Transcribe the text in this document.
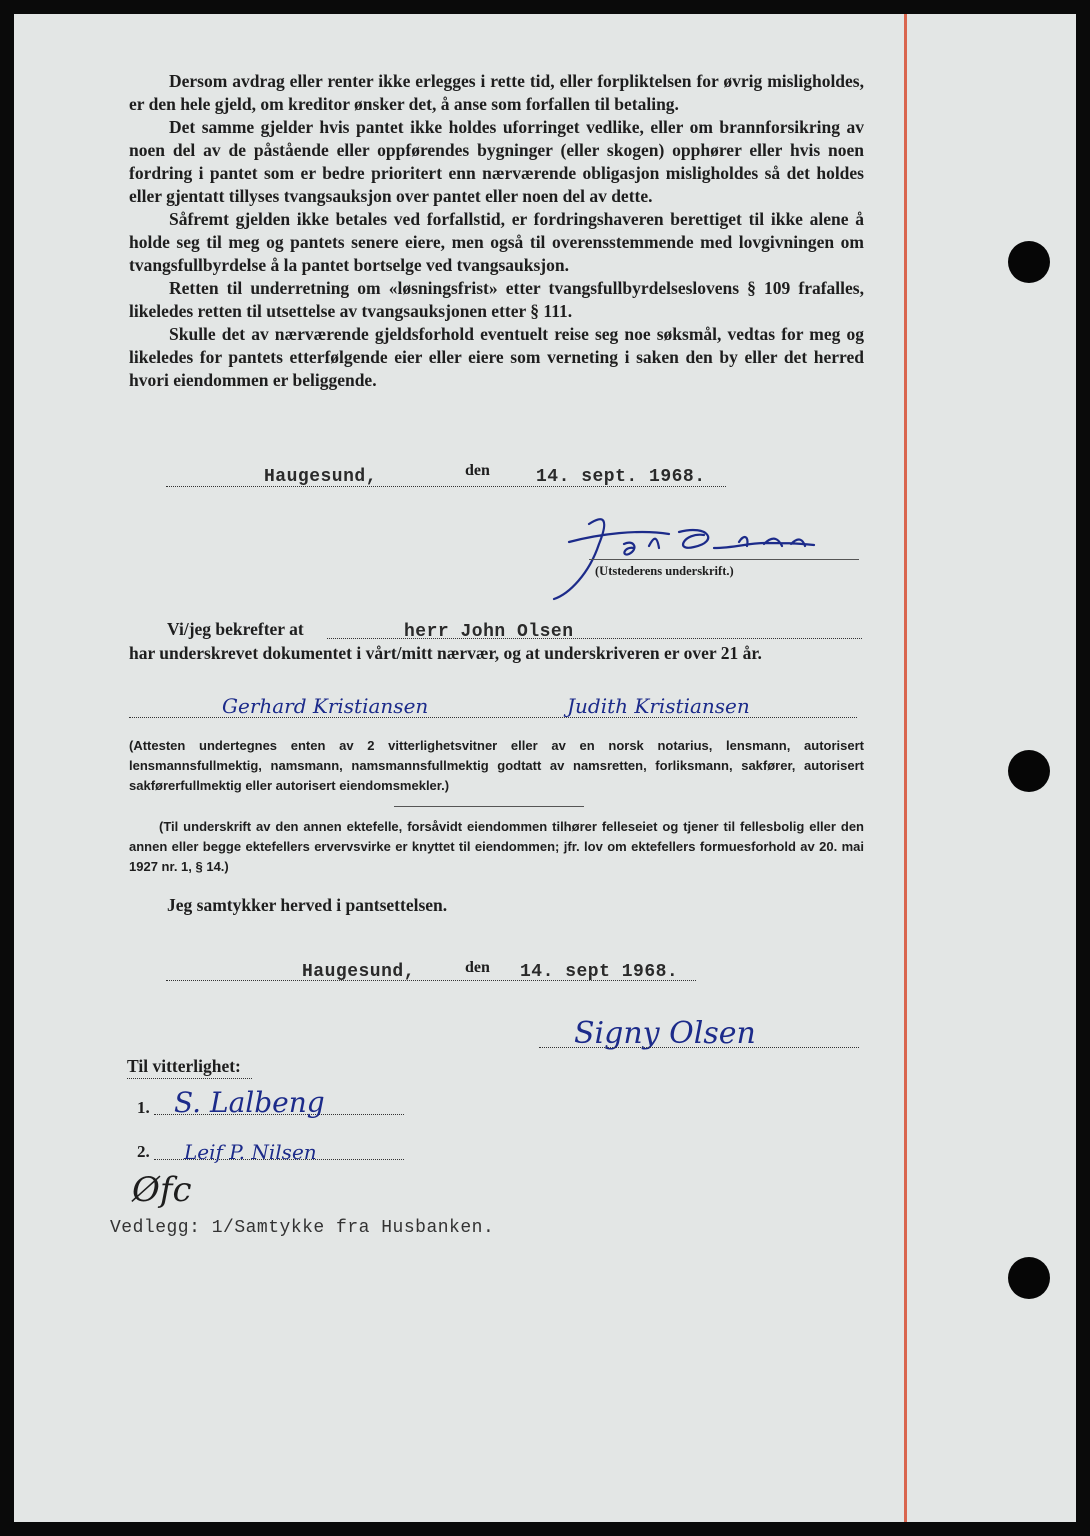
Dersom avdrag eller renter ikke erlegges i rette tid, eller forpliktelsen for øvrig misligholdes, er den hele gjeld, om kreditor ønsker det, å anse som forfallen til betaling.

Det samme gjelder hvis pantet ikke holdes uforringet vedlike, eller om brannforsikring av noen del av de påstående eller oppførendes bygninger (eller skogen) opphører eller hvis noen fordring i pantet som er bedre prioritert enn nærværende obligasjon misligholdes så det holdes eller gjentatt tillyses tvangsauksjon over pantet eller noen del av dette.

Såfremt gjelden ikke betales ved forfallstid, er fordringshaveren berettiget til ikke alene å holde seg til meg og pantets senere eiere, men også til overensstemmende med lovgivningen om tvangsfullbyrdelse å la pantet bortselge ved tvangsauksjon.

Retten til underretning om «løsningsfrist» etter tvangsfullbyrdelseslovens § 109 frafalles, likeledes retten til utsettelse av tvangsauksjonen etter § 111.

Skulle det av nærværende gjeldsforhold eventuelt reise seg noe søksmål, vedtas for meg og likeledes for pantets etterfølgende eier eller eiere som verneting i saken den by eller det herred hvori eiendommen er beliggende.

Haugesund,	den	14. sept. 1968.
(Utstederens underskrift.)
Vi/jeg bekrefter at	herr John Olsen
har underskrevet dokumentet i vårt/mitt nærvær, og at underskriveren er over 21 år.
Gerhard Kristiansen	Judith Kristiansen

(Attesten undertegnes enten av 2 vitterlighetsvitner eller av en norsk notarius, lensmann, autorisert lensmannsfullmektig, namsmann, namsmannsfullmektig godtatt av namsretten, forliksmann, sakfører, autorisert sakførerfullmektig eller autorisert eiendomsmekler.)

(Til underskrift av den annen ektefelle, forsåvidt eiendommen tilhører felleseiet og tjener til fellesbolig eller den annen eller begge ektefellers ervervsvirke er knyttet til eiendommen; jfr. lov om ektefellers formuesforhold av 20. mai 1927 nr. 1, § 14.)

Jeg samtykker herved i pantsettelsen.
Haugesund,	den 14. sept 1968.
Signy Olsen
Til vitterlighet:
1. S. Lalbeng
2. Leif P. Nilsen
Øfc
Vedlegg: 1/Samtykke fra Husbanken.
